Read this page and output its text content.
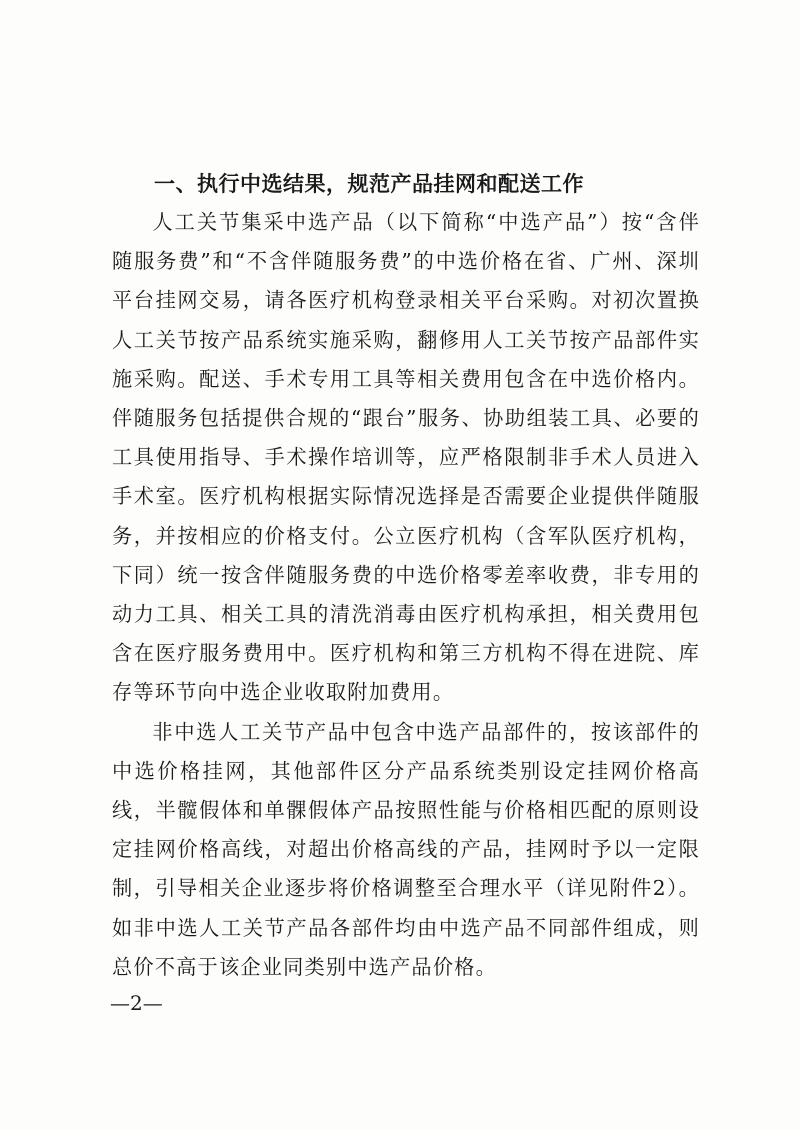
一、执行中选结果，规范产品挂网和配送工作

人工关节集采中选产品（以下简称“中选产品”）按“含伴随服务费”和“不含伴随服务费”的中选价格在省、广州、深圳平台挂网交易，请各医疗机构登录相关平台采购。对初次置换人工关节按产品系统实施采购，翻修用人工关节按产品部件实施采购。配送、手术专用工具等相关费用包含在中选价格内。伴随服务包括提供合规的“跟台”服务、协助组装工具、必要的工具使用指导、手术操作培训等，应严格限制非手术人员进入手术室。医疗机构根据实际情况选择是否需要企业提供伴随服务，并按相应的价格支付。公立医疗机构（含军队医疗机构，下同）统一按含伴随服务费的中选价格零差率收费，非专用的动力工具、相关工具的清洗消毒由医疗机构承担，相关费用包含在医疗服务费用中。医疗机构和第三方机构不得在进院、库存等环节向中选企业收取附加费用。

非中选人工关节产品中包含中选产品部件的，按该部件的中选价格挂网，其他部件区分产品系统类别设定挂网价格高线，半髋假体和单髁假体产品按照性能与价格相匹配的原则设定挂网价格高线，对超出价格高线的产品，挂网时予以一定限制，引导相关企业逐步将价格调整至合理水平（详见附件2）。如非中选人工关节产品各部件均由中选产品不同部件组成，则总价不高于该企业同类别中选产品价格。

—2—
